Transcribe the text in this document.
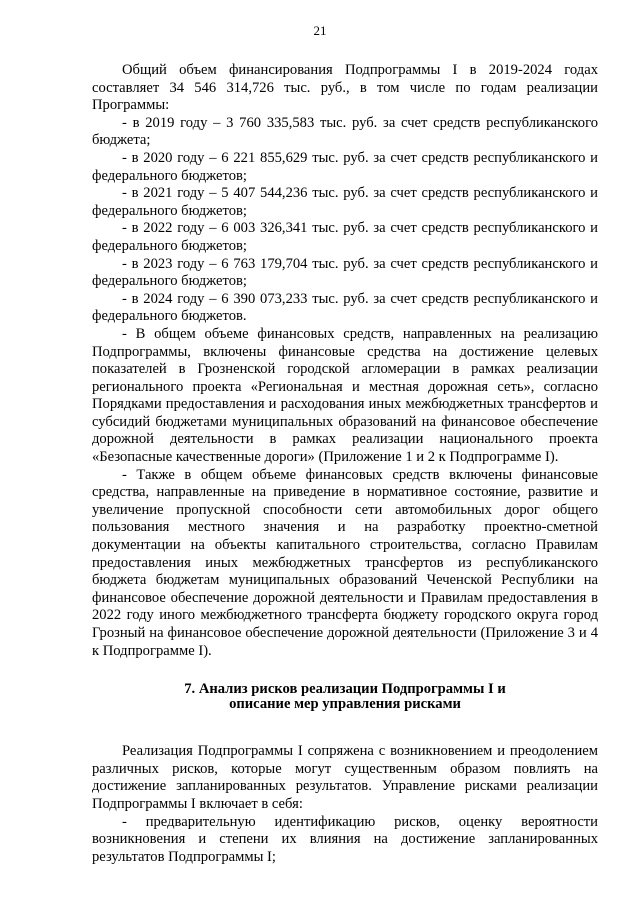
21

Общий объем финансирования Подпрограммы I в 2019-2024 годах составляет 34 546 314,726 тыс. руб., в том числе по годам реализации Программы:

- в 2019 году – 3 760 335,583 тыс. руб. за счет средств республиканского бюджета;

- в 2020 году – 6 221 855,629 тыс. руб. за счет средств республиканского и федерального бюджетов;

- в 2021 году – 5 407 544,236 тыс. руб. за счет средств республиканского и федерального бюджетов;

- в 2022 году – 6 003 326,341 тыс. руб. за счет средств республиканского и федерального бюджетов;

- в 2023 году – 6 763 179,704 тыс. руб. за счет средств республиканского и федерального бюджетов;

- в 2024 году – 6 390 073,233 тыс. руб. за счет средств республиканского и федерального бюджетов.

- В общем объеме финансовых средств, направленных на реализацию Подпрограммы, включены финансовые средства на достижение целевых показателей в Грозненской городской агломерации в рамках реализации регионального проекта «Региональная и местная дорожная сеть», согласно Порядками предоставления и расходования иных межбюджетных трансфертов и субсидий бюджетами муниципальных образований на финансовое обеспечение дорожной деятельности в рамках реализации национального проекта «Безопасные качественные дороги» (Приложение 1 и 2 к Подпрограмме I).

- Также в общем объеме финансовых средств включены финансовые средства, направленные на приведение в нормативное состояние, развитие и увеличение пропускной способности сети автомобильных дорог общего пользования местного значения и на разработку проектно-сметной документации на объекты капитального строительства, согласно Правилам предоставления иных межбюджетных трансфертов из республиканского бюджета бюджетам муниципальных образований Чеченской Республики на финансовое обеспечение дорожной деятельности и Правилам предоставления в 2022 году иного межбюджетного трансферта бюджету городского округа город Грозный на финансовое обеспечение дорожной деятельности (Приложение 3 и 4 к Подпрограмме I).

7. Анализ рисков реализации Подпрограммы I и
описание мер управления рисками

Реализация Подпрограммы I сопряжена с возникновением и преодолением различных рисков, которые могут существенным образом повлиять на достижение запланированных результатов. Управление рисками реализации Подпрограммы I включает в себя:

- предварительную идентификацию рисков, оценку вероятности возникновения и степени их влияния на достижение запланированных результатов Подпрограммы I;
